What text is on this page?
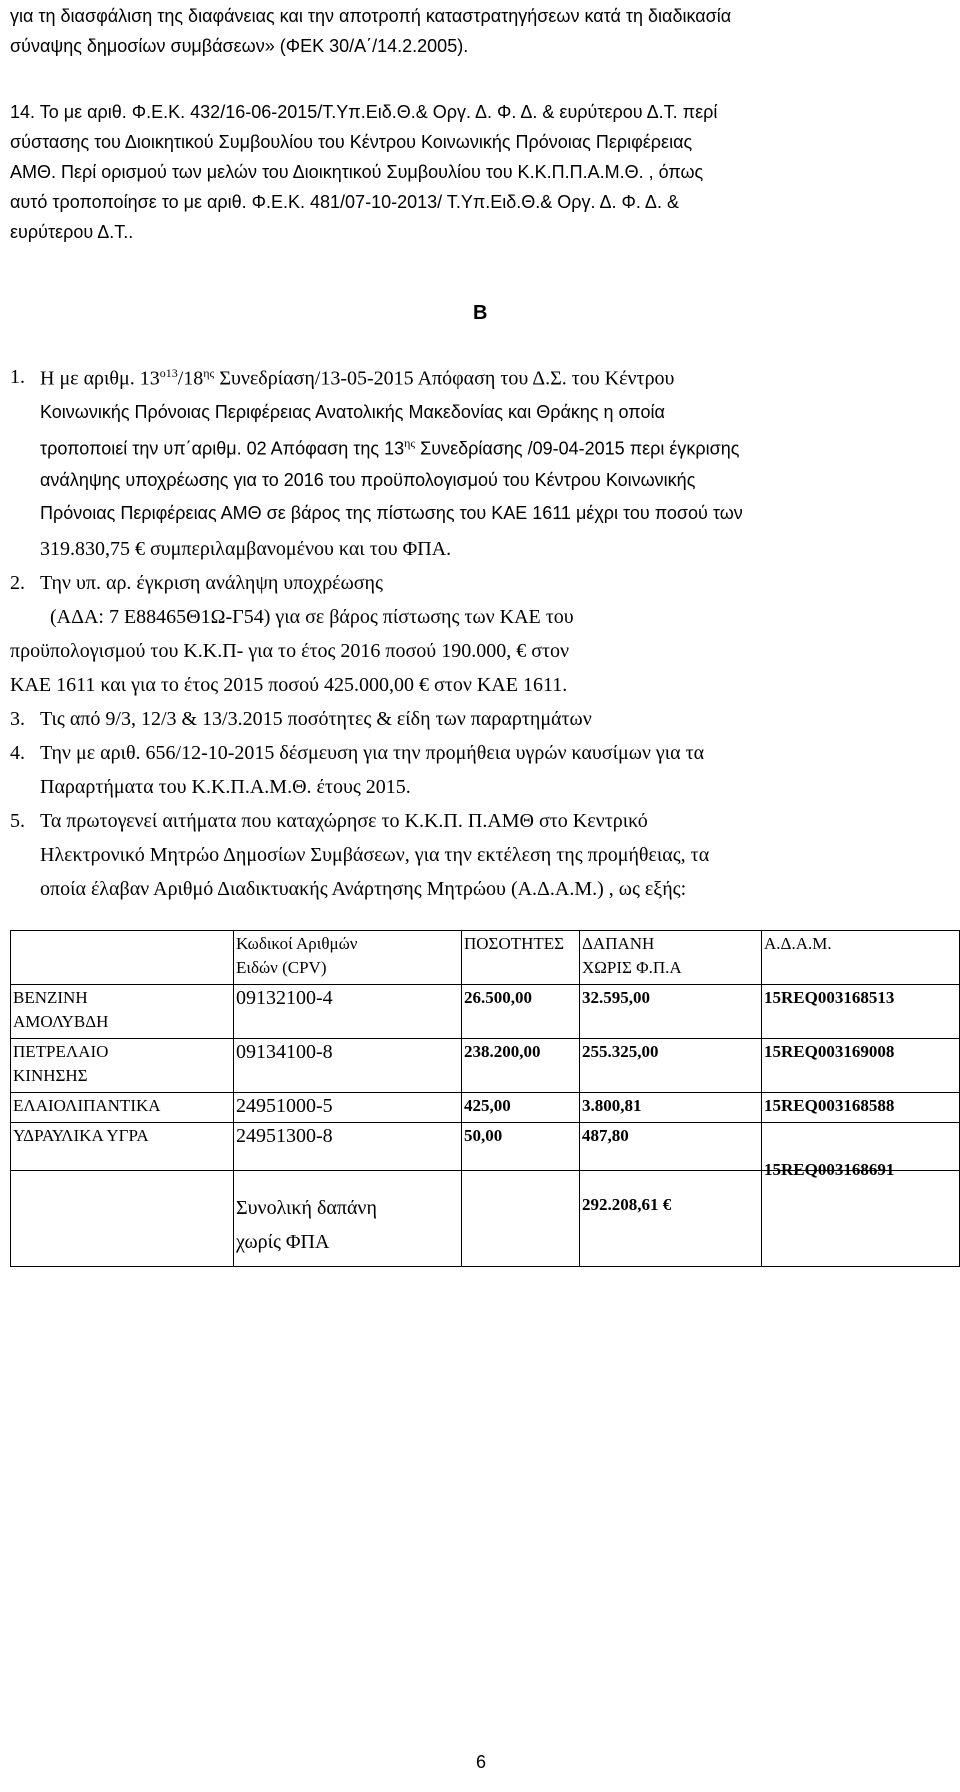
για τη διασφάλιση της διαφάνειας και την αποτροπή καταστρατηγήσεων κατά τη διαδικασία
σύναψης δημοσίων συμβάσεων» (ΦΕΚ 30/Α΄/14.2.2005).
14. Το με αριθ. Φ.Ε.Κ. 432/16-06-2015/Τ.Υπ.Ειδ.Θ.& Οργ. Δ. Φ. Δ. & ευρύτερου Δ.Τ. περί
σύστασης του Διοικητικού Συμβουλίου του Κέντρου Κοινωνικής Πρόνοιας Περιφέρειας
ΑΜΘ. Περί ορισμού των μελών του Διοικητικού Συμβουλίου του Κ.Κ.Π.Π.Α.Μ.Θ. , όπως
αυτό τροποποίησε το με αριθ. Φ.Ε.Κ. 481/07-10-2013/ Τ.Υπ.Ειδ.Θ.& Οργ. Δ. Φ. Δ. &
ευρύτερου Δ.Τ..
Β
1. Η με αριθμ. $13^{o13}/18^{\eta\varsigma}$ Συνεδρίαση/13-05-2015 Απόφαση του Δ.Σ. του Κέντρου
Κοινωνικής Πρόνοιας Περιφέρειας Ανατολικής Μακεδονίας και Θράκης η οποία
τροποποιεί την υπ΄αριθμ. 02 Απόφαση της $13^{\eta\varsigma}$ Συνεδρίασης /09-04-2015 περι έγκρισης
ανάληψης υποχρέωσης για το 2016 του προϋπολογισμού του Κέντρου Κοινωνικής
Πρόνοιας Περιφέρειας ΑΜΘ σε βάρος της πίστωσης του ΚΑΕ 1611 μέχρι του ποσού των
319.830,75 € συμπεριλαμβανομένου και του ΦΠΑ.
2. Την υπ. αρ. έγκριση ανάληψη υποχρέωσης
(ΑΔΑ: 7 Ε88465Θ1Ω-Γ54) για σε βάρος πίστωσης των ΚΑΕ του
προϋπολογισμού του Κ.Κ.Π- για το έτος 2016 ποσού 190.000, € στον
ΚΑΕ 1611 και για το έτος 2015 ποσού 425.000,00 € στον ΚΑΕ 1611.
3. Τις από 9/3, 12/3 & 13/3.2015 ποσότητες & είδη των παραρτημάτων
4. Την με αριθ. 656/12-10-2015 δέσμευση για την προμήθεια υγρών καυσίμων για τα
Παραρτήματα του Κ.Κ.Π.Α.Μ.Θ. έτους 2015.
5. Τα πρωτογενεί αιτήματα που καταχώρησε το Κ.Κ.Π. Π.ΑΜΘ στο Κεντρικό
Ηλεκτρονικό Μητρώο Δημοσίων Συμβάσεων, για την εκτέλεση της προμήθειας, τα
οποία έλαβαν Αριθμό Διαδικτυακής Ανάρτησης Μητρώου (Α.Δ.Α.Μ.) , ως εξής:
	Κωδικοί Αριθμών
Ειδών (CPV)	ΠΟΣΟΤΗΤΕΣ	ΔΑΠΑΝΗ
ΧΩΡΙΣ Φ.Π.Α	Α.Δ.Α.Μ.
ΒΕΝΖΙΝΗ
ΑΜΟΛΥΒΔΗ	09132100-4	26.500,00	32.595,00	15REQ003168513
ΠΕΤΡΕΛΑΙΟ
ΚΙΝΗΣΗΣ	09134100-8	238.200,00	255.325,00	15REQ003169008
ΕΛΑΙΟΛΙΠΑΝΤΙΚΑ	24951000-5	425,00	3.800,81	15REQ003168588
ΥΔΡΑΥΛΙΚΑ ΥΓΡΑ	24951300-8	50,00	487,80	
	Συνολική δαπάνη
χωρίς ΦΠΑ		292.208,61 €	15REQ003168691
6
